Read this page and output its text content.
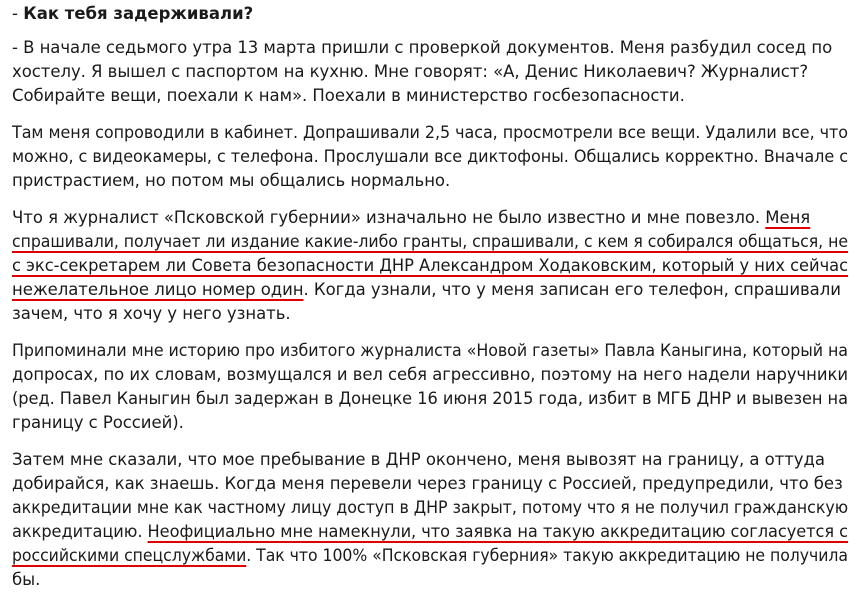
- Как тебя задерживали?

- В начале седьмого утра 13 марта пришли с проверкой документов. Меня разбудил сосед по
хостелу. Я вышел с паспортом на кухню. Мне говорят: «А, Денис Николаевич? Журналист?
Собирайте вещи, поехали к нам». Поехали в министерство госбезопасности.

Там меня сопроводили в кабинет. Допрашивали 2,5 часа, просмотрели все вещи. Удалили все, что
можно, с видеокамеры, с телефона. Прослушали все диктофоны. Общались корректно. Вначале с
пристрастием, но потом мы общались нормально.

Что я журналист «Псковской губернии» изначально не было известно и мне повезло. Меня
спрашивали, получает ли издание какие-либо гранты, спрашивали, с кем я собирался общаться, не
с экс-секретарем ли Совета безопасности ДНР Александром Ходаковским, который у них сейчас
нежелательное лицо номер один. Когда узнали, что у меня записан его телефон, спрашивали
зачем, что я хочу у него узнать.

Припоминали мне историю про избитого журналиста «Новой газеты» Павла Каныгина, который на
допросах, по их словам, возмущался и вел себя агрессивно, поэтому на него надели наручники
(ред. Павел Каныгин был задержан в Донецке 16 июня 2015 года, избит в МГБ ДНР и вывезен на
границу с Россией).

Затем мне сказали, что мое пребывание в ДНР окончено, меня вывозят на границу, а оттуда
добирайся, как знаешь. Когда меня перевели через границу с Россией, предупредили, что без
аккредитации мне как частному лицу доступ в ДНР закрыт, потому что я не получил гражданскую
аккредитацию. Неофициально мне намекнули, что заявка на такую аккредитацию согласуется с
российскими спецслужбами. Так что 100% «Псковская губерния» такую аккредитацию не получила
бы.
